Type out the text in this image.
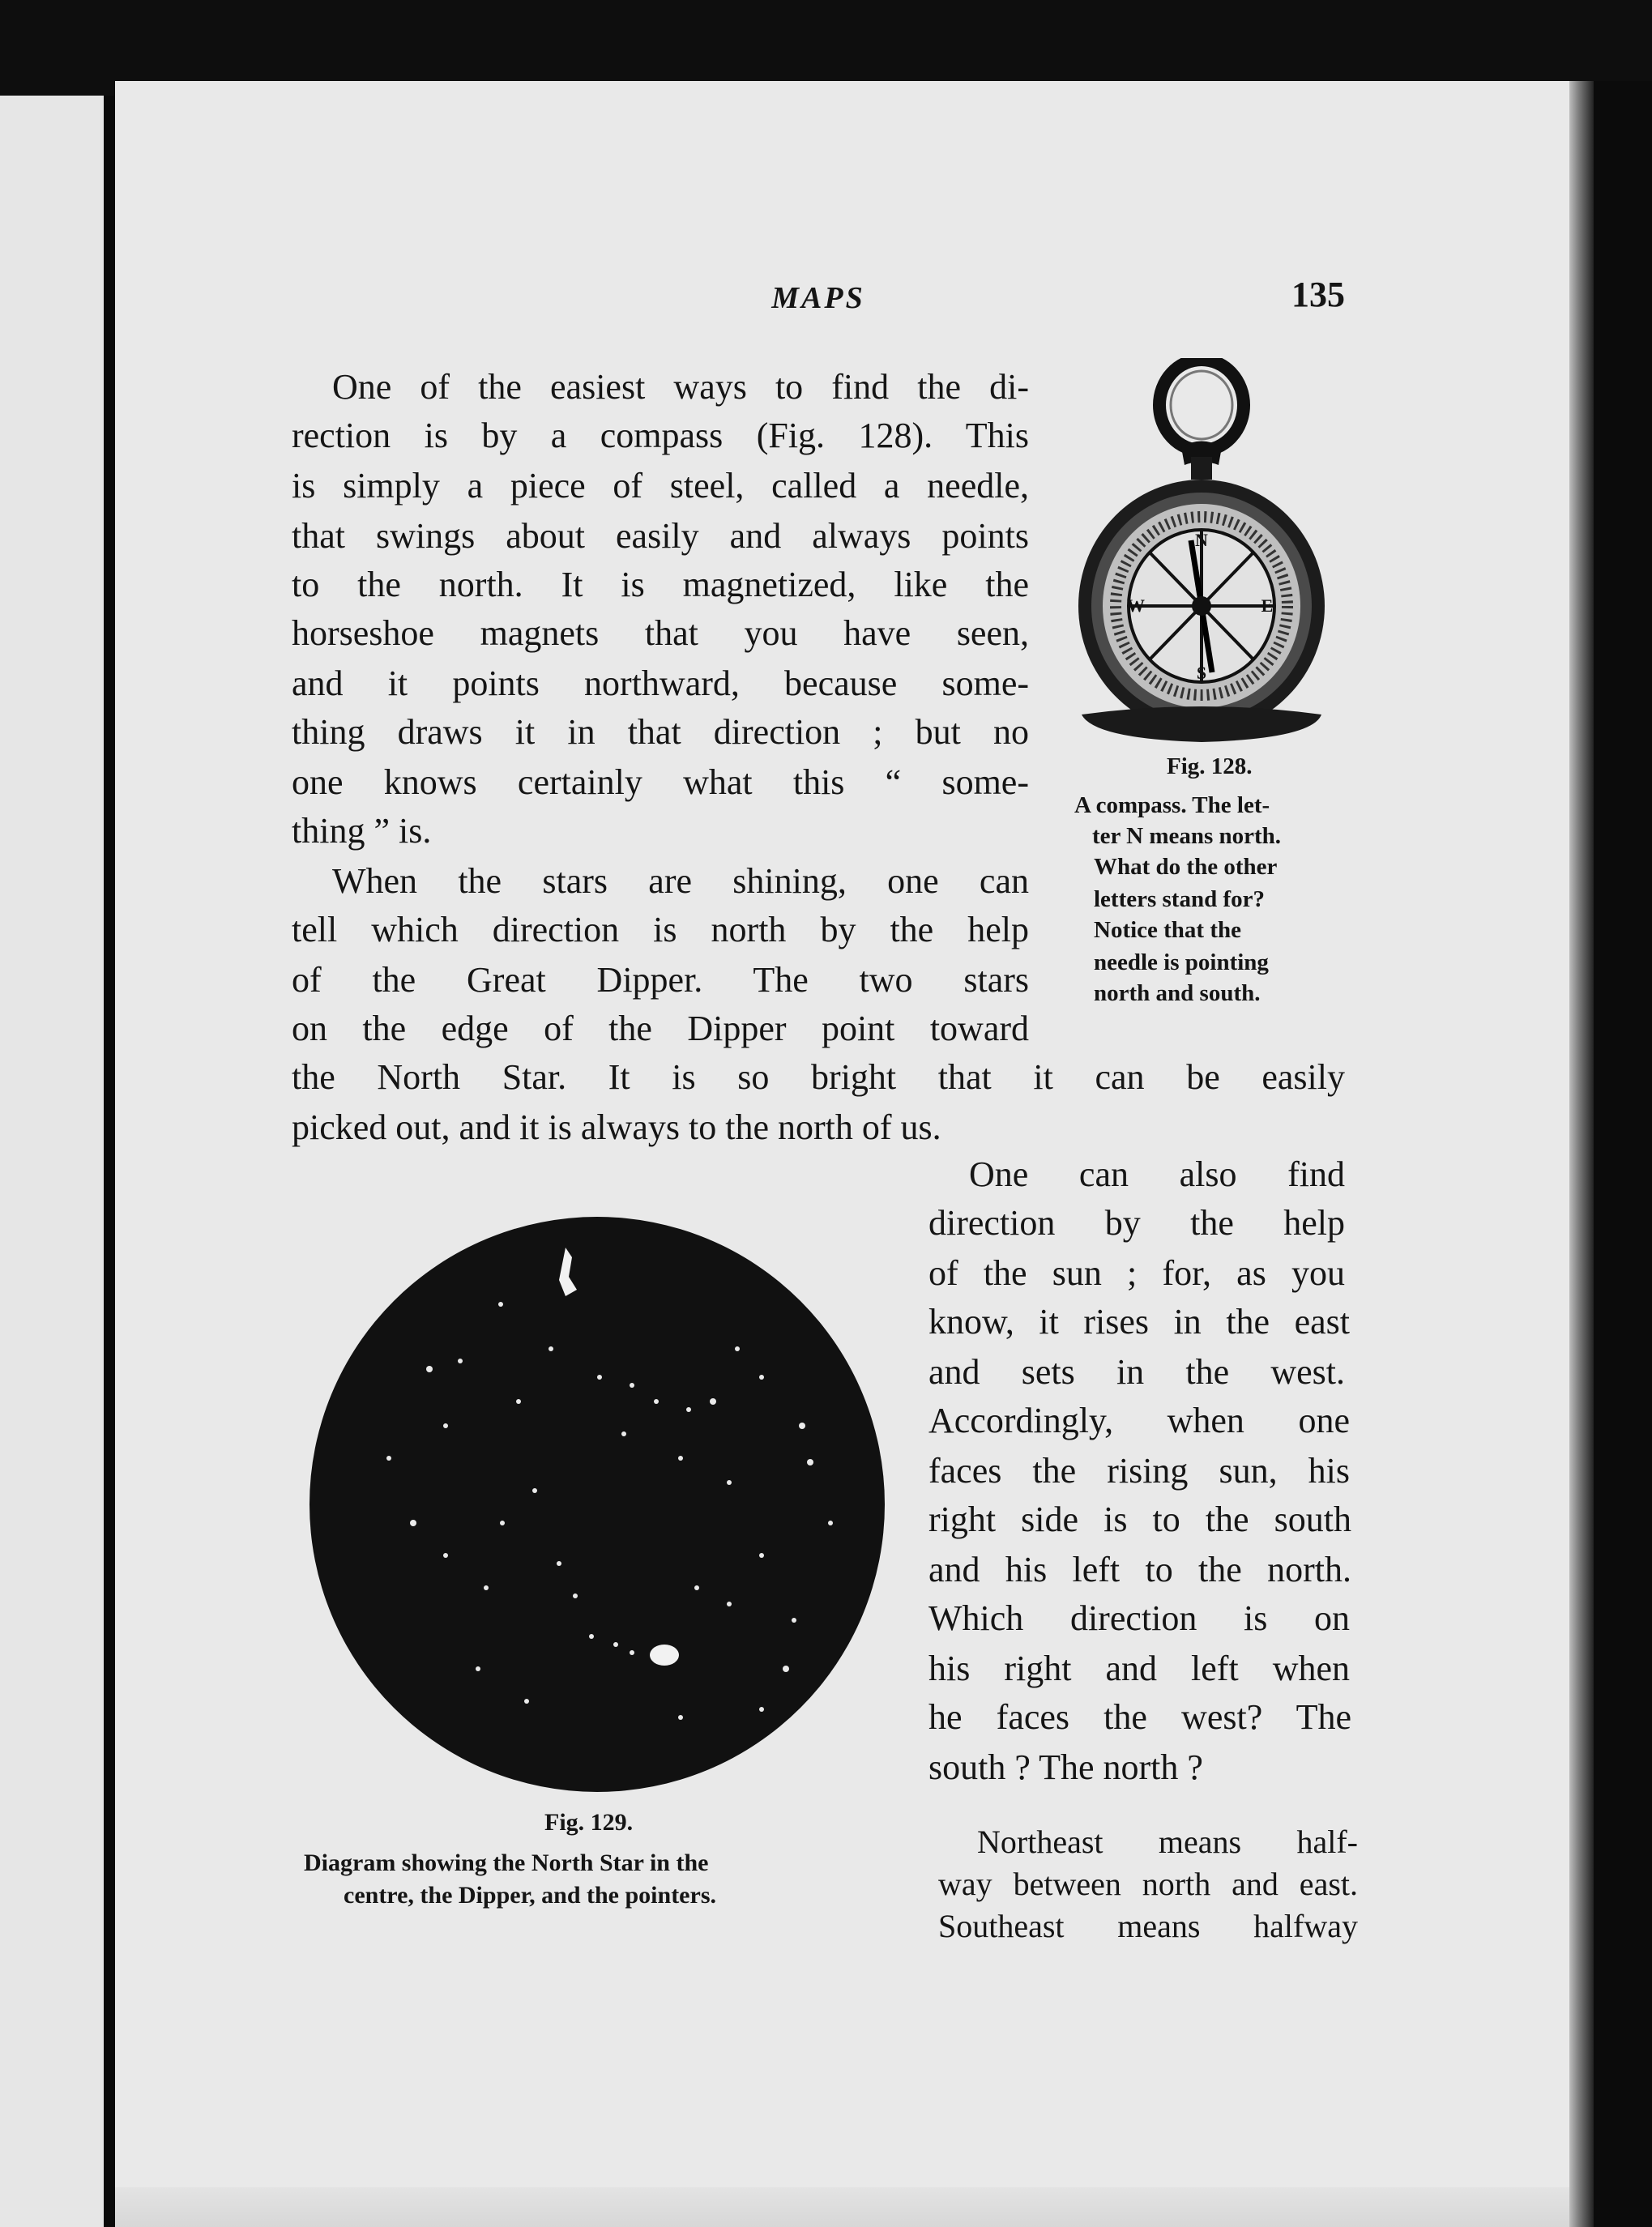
MAPS	135
One of the easiest ways to find the di-
rection is by a compass (Fig. 128). This
is simply a piece of steel, called a needle,
that swings about easily and always points
to the north. It is magnetized, like the
horseshoe magnets that you have seen,
and it points northward, because some-
thing draws it in that direction ; but no
one knows certainly what this “ some-
thing ” is.
When the stars are shining, one can
tell which direction is north by the help
of the Great Dipper. The two stars
on the edge of the Dipper point toward
the North Star. It is so bright that it can be easily
picked out, and it is always to the north of us.
One can also find
direction by the help
of the sun ; for, as you
know, it rises in the east
and sets in the west.
Accordingly, when one
faces the rising sun, his
right side is to the south
and his left to the north.
Which direction is on
his right and left when
he faces the west? The
south ? The north ?
Northeast means half-
way between north and east.
Southeast means halfway
N
E
S
W
Fig. 128.
A compass. The let-
ter N means north.
What do the other
letters stand for?
Notice that the
needle is pointing
north and south.
Fig. 129.
Diagram showing the North Star in the
centre, the Dipper, and the pointers.
